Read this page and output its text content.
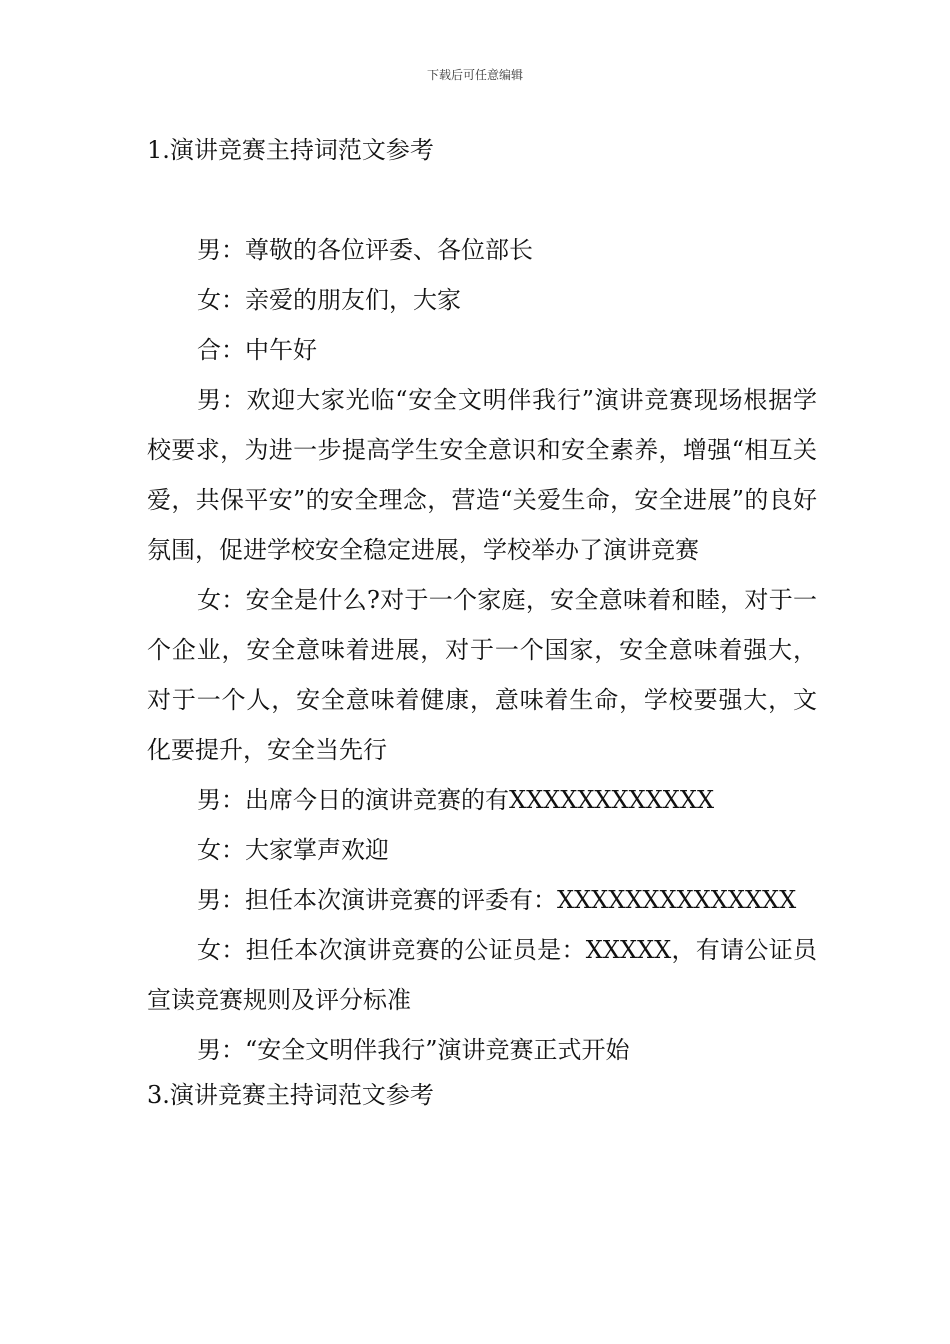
下载后可任意编辑
1.演讲竞赛主持词范文参考

男：尊敬的各位评委、各位部长

女：亲爱的朋友们，大家

合：中午好

男：欢迎大家光临“安全文明伴我行”演讲竞赛现场根据学校要求，为进一步提高学生安全意识和安全素养，增强“相互关爱，共保平安”的安全理念，营造“关爱生命，安全进展”的良好氛围，促进学校安全稳定进展，学校举办了演讲竞赛

女：安全是什么?对于一个家庭，安全意味着和睦，对于一个企业，安全意味着进展，对于一个国家，安全意味着强大，对于一个人，安全意味着健康，意味着生命，学校要强大，文化要提升，安全当先行

男：出席今日的演讲竞赛的有XXXXXXXXXXXX

女：大家掌声欢迎

男：担任本次演讲竞赛的评委有：XXXXXXXXXXXXXX

女：担任本次演讲竞赛的公证员是：XXXXX，有请公证员宣读竞赛规则及评分标准

男：“安全文明伴我行”演讲竞赛正式开始

3.演讲竞赛主持词范文参考
